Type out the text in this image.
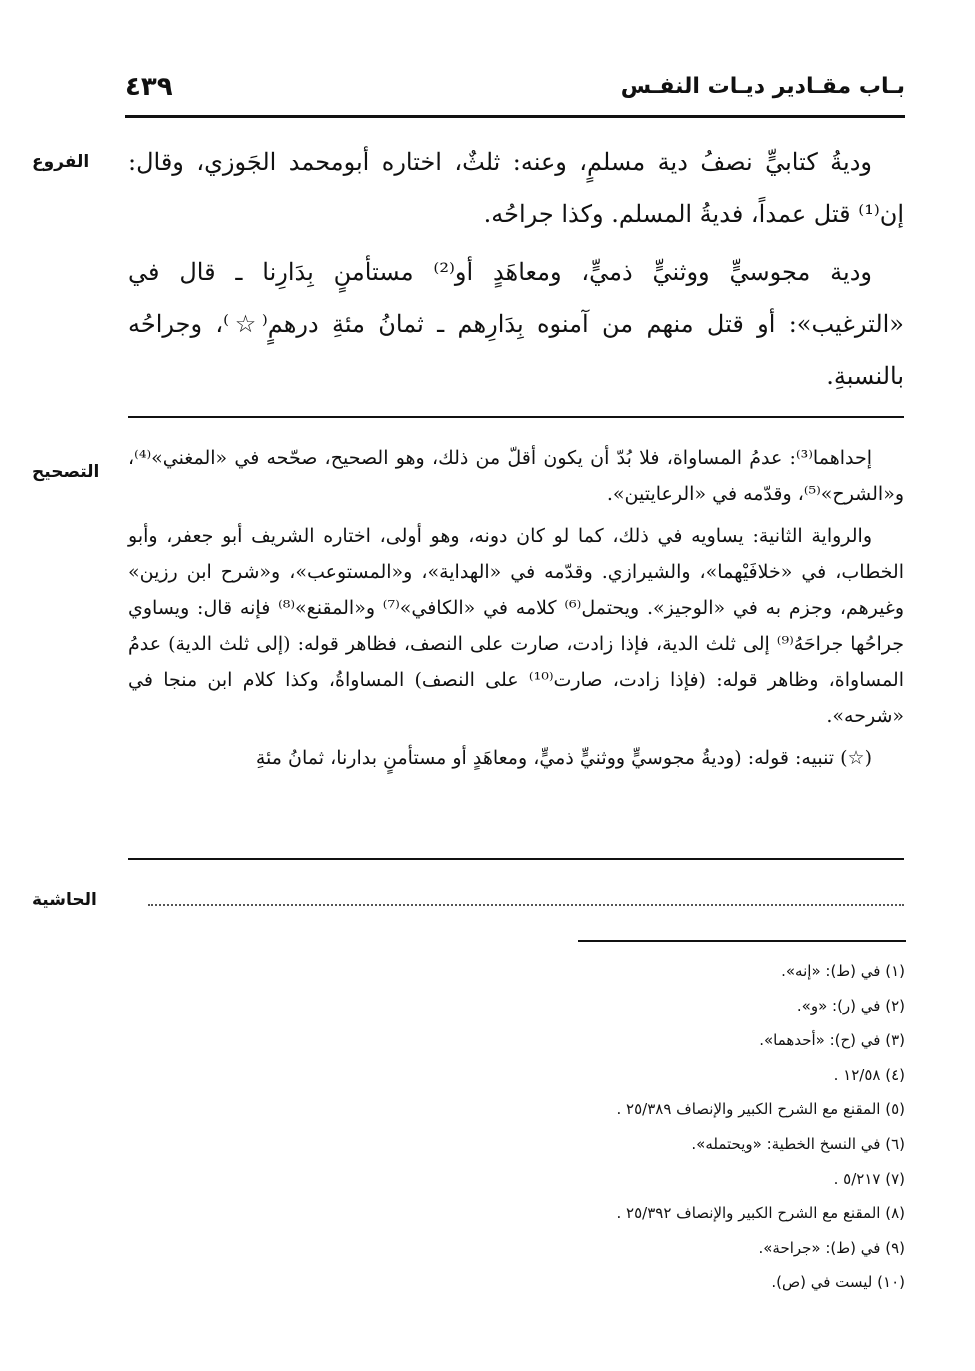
بـاب مقـادير ديـات النفـس
٤٣٩
الفروع	وديةُ كتابيٍّ نصفُ دية مسلمٍ، وعنه: ثلثٌ، اختاره أبومحمد الجَوزي، وقال: إن⁽¹⁾ قتل عمداً، فديةُ المسلم. وكذا جراحُه.

ودية مجوسيٍّ ووثنيٍّ ذميٍّ، ومعاهَدٍ أو⁽²⁾ مستأمنٍ بِدَارِنا ـ قال في «الترغيب»: أو قتل منهم من آمنوه بِدَارِهم ـ ثمانُ مئةِ درهمٍ⁽☆⁾، وجراحُه بالنسبةِ.

التصحيح

إحداهما⁽³⁾: عدمُ المساواة، فلا بُدّ أن يكون أقلّ من ذلك، وهو الصحيح، صحّحه في «المغني»⁽⁴⁾، و«الشرح»⁽⁵⁾، وقدّمه في «الرعايتين».

والرواية الثانية: يساويه في ذلك، كما لو كان دونه، وهو أولى، اختاره الشريف أبو جعفر، وأبو الخطاب، في «خلافَيْهما»، والشيرازي. وقدّمه في «الهداية»، و«المستوعب»، و«شرح ابن رزين» وغيرهم، وجزم به في «الوجيز». ويحتمل⁽⁶⁾ كلامه في «الكافي»⁽⁷⁾ و«المقنع»⁽⁸⁾ فإنه قال: ويساوي جراحُها جراحَهُ⁽⁹⁾ إلى ثلث الدية، فإذا زادت، صارت على النصف، فظاهر قوله: (إلى ثلث الدية) عدمُ المساواة، وظاهر قوله: (فإذا زادت، صارت⁽¹⁰⁾ على النصف) المساواةُ، وكذا كلام ابن منجا في «شرحه».

(☆) تنبيه: قوله: (وديةُ مجوسيٍّ ووثنيٍّ ذميٍّ، ومعاهَدٍ أو مستأمنٍ بدارنا، ثمانُ مئةِ

الحاشية
(١) في (ط): «إنه».
(٢) في (ر): «و».
(٣) في (ح): «أحدهما».
(٤) ١٢/٥٨ .
(٥) المقنع مع الشرح الكبير والإنصاف ٢٥/٣٨٩ .
(٦) في النسخ الخطية: «ويحتمله».
(٧) ٥/٢١٧ .
(٨) المقنع مع الشرح الكبير والإنصاف ٢٥/٣٩٢ .
(٩) في (ط): «جراحة».
(١٠) ليست في (ص).
